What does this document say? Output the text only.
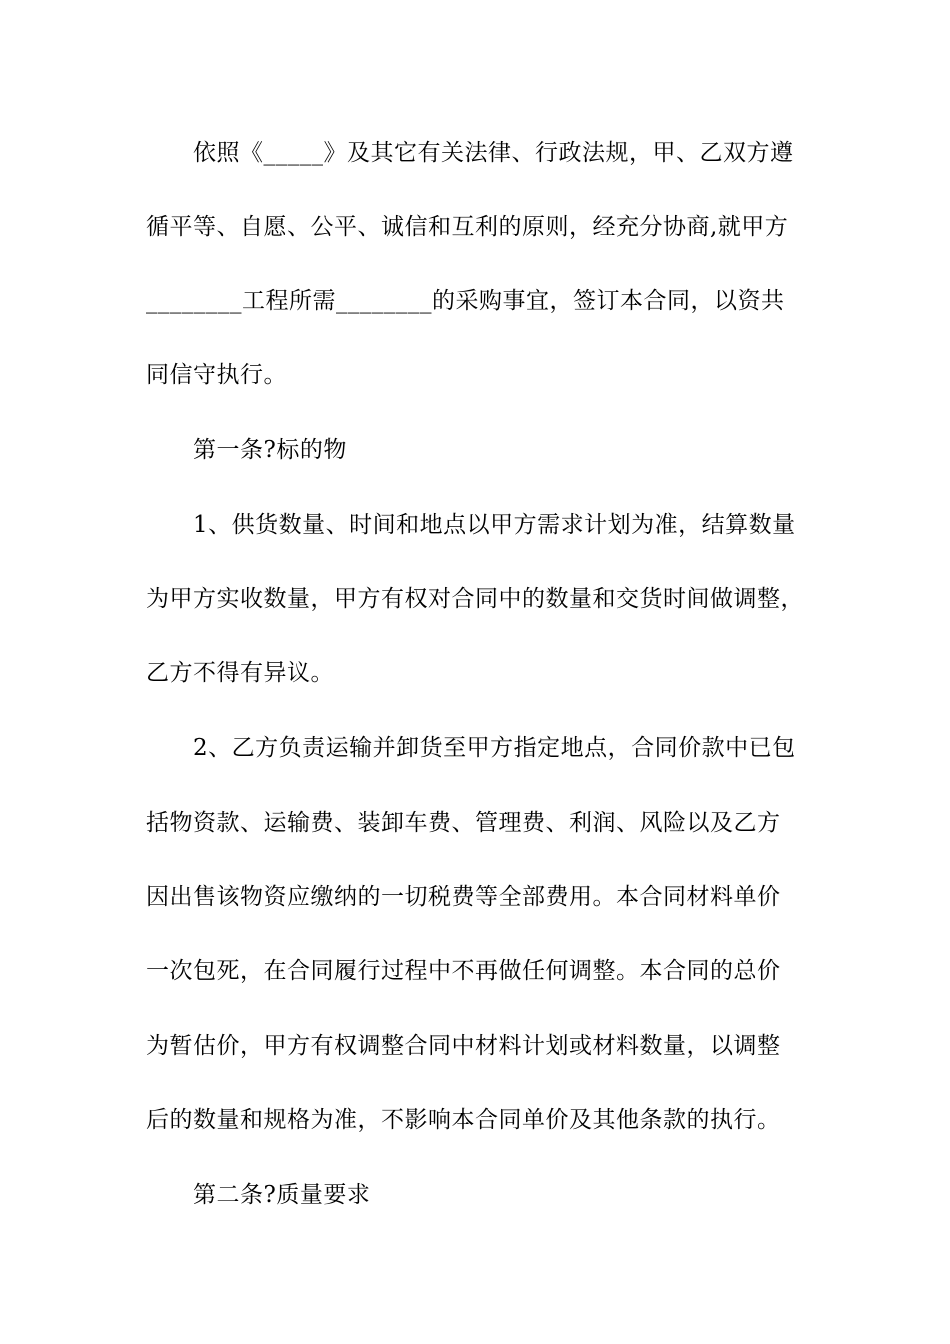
依照《_____》及其它有关法律、行政法规，甲、乙双方遵
循平等、自愿、公平、诚信和互利的原则，经充分协商,就甲方
________工程所需________的采购事宜，签订本合同，以资共
同信守执行。
第一条?标的物
1、供货数量、时间和地点以甲方需求计划为准，结算数量
为甲方实收数量，甲方有权对合同中的数量和交货时间做调整，
乙方不得有异议。
2、乙方负责运输并卸货至甲方指定地点，合同价款中已包
括物资款、运输费、装卸车费、管理费、利润、风险以及乙方
因出售该物资应缴纳的一切税费等全部费用。本合同材料单价
一次包死，在合同履行过程中不再做任何调整。本合同的总价
为暂估价，甲方有权调整合同中材料计划或材料数量，以调整
后的数量和规格为准，不影响本合同单价及其他条款的执行。
第二条?质量要求
